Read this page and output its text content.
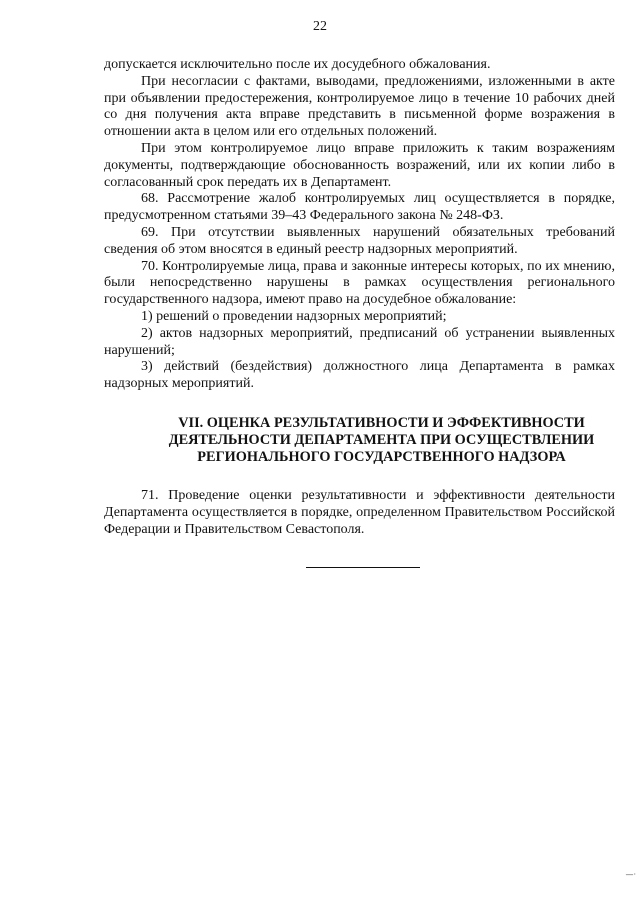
22

допускается исключительно после их досудебного обжалования.

При несогласии с фактами, выводами, предложениями, изложенными в акте при объявлении предостережения, контролируемое лицо в течение 10 рабочих дней со дня получения акта вправе представить в письменной форме возражения в отношении акта в целом или его отдельных положений.

При этом контролируемое лицо вправе приложить к таким возражениям документы, подтверждающие обоснованность возражений, или их копии либо в согласованный срок передать их в Департамент.

68. Рассмотрение жалоб контролируемых лиц осуществляется в порядке, предусмотренном статьями 39–43 Федерального закона № 248-ФЗ.

69. При отсутствии выявленных нарушений обязательных требований сведения об этом вносятся в единый реестр надзорных мероприятий.

70. Контролируемые лица, права и законные интересы которых, по их мнению, были непосредственно нарушены в рамках осуществления регионального государственного надзора, имеют право на досудебное обжалование:

1) решений о проведении надзорных мероприятий;

2) актов надзорных мероприятий, предписаний об устранении выявленных нарушений;

3) действий (бездействия) должностного лица Департамента в рамках надзорных мероприятий.

VII. ОЦЕНКА РЕЗУЛЬТАТИВНОСТИ И ЭФФЕКТИВНОСТИ
ДЕЯТЕЛЬНОСТИ ДЕПАРТАМЕНТА ПРИ ОСУЩЕСТВЛЕНИИ
РЕГИОНАЛЬНОГО ГОСУДАРСТВЕННОГО НАДЗОРА

71. Проведение оценки результативности и эффективности деятельности Департамента осуществляется в порядке, определенном Правительством Российской Федерации и Правительством Севастополя.

—·
